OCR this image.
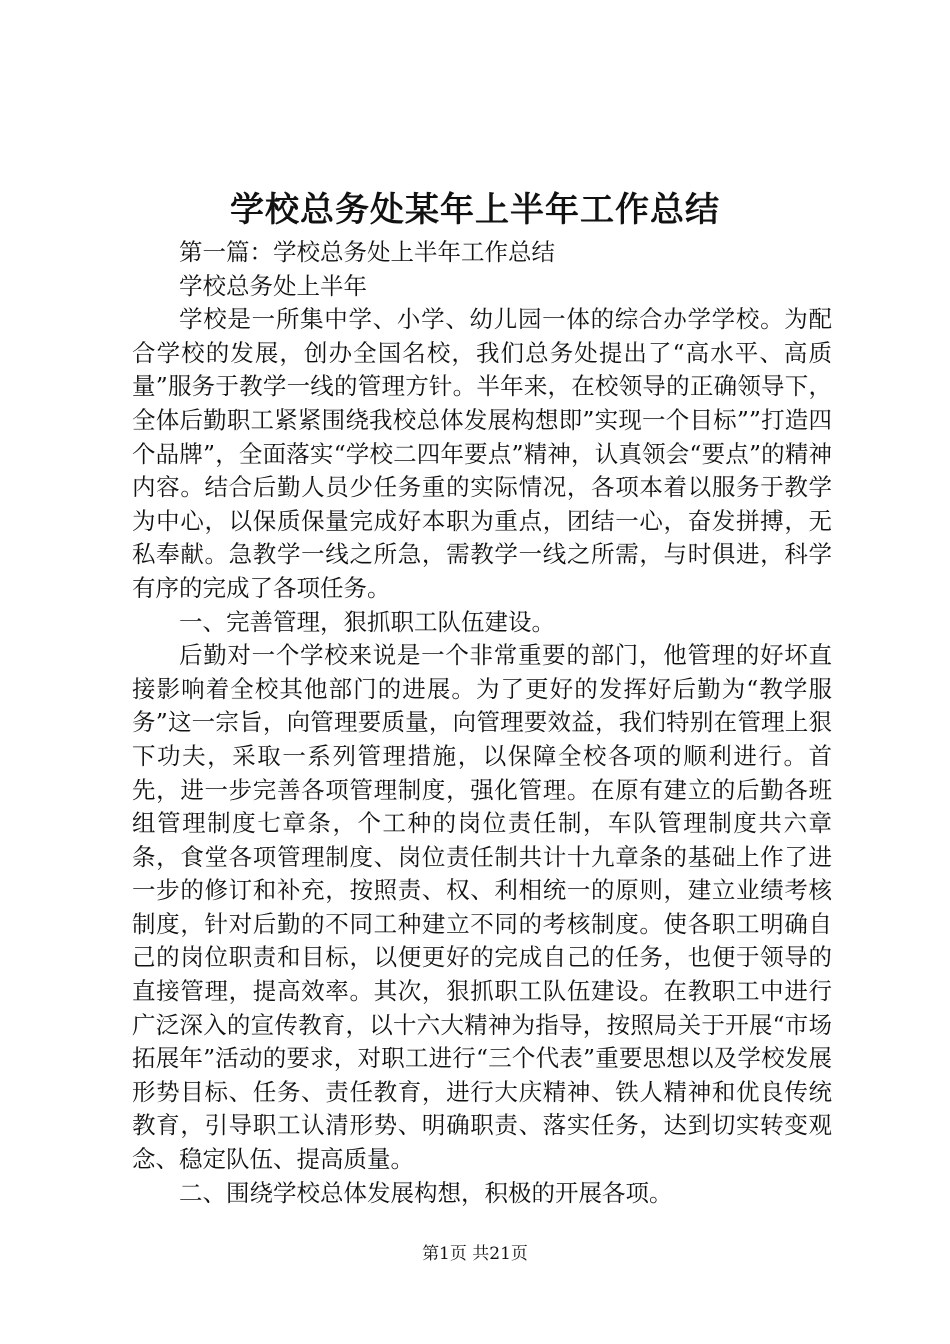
学校总务处某年上半年工作总结

第一篇：学校总务处上半年工作总结

学校总务处上半年

学校是一所集中学、小学、幼儿园一体的综合办学学校。为配合学校的发展，创办全国名校，我们总务处提出了“高水平、高质量”服务于教学一线的管理方针。半年来，在校领导的正确领导下，全体后勤职工紧紧围绕我校总体发展构想即”实现一个目标””打造四个品牌”，全面落实“学校二四年要点”精神，认真领会“要点”的精神内容。结合后勤人员少任务重的实际情况，各项本着以服务于教学为中心，以保质保量完成好本职为重点，团结一心，奋发拼搏，无私奉献。急教学一线之所急，需教学一线之所需，与时俱进，科学有序的完成了各项任务。

一、完善管理，狠抓职工队伍建设。

后勤对一个学校来说是一个非常重要的部门，他管理的好坏直接影响着全校其他部门的进展。为了更好的发挥好后勤为“教学服务”这一宗旨，向管理要质量，向管理要效益，我们特别在管理上狠下功夫，采取一系列管理措施，以保障全校各项的顺利进行。首先，进一步完善各项管理制度，强化管理。在原有建立的后勤各班组管理制度七章条，个工种的岗位责任制，车队管理制度共六章条，食堂各项管理制度、岗位责任制共计十九章条的基础上作了进一步的修订和补充，按照责、权、利相统一的原则，建立业绩考核制度，针对后勤的不同工种建立不同的考核制度。使各职工明确自己的岗位职责和目标，以便更好的完成自己的任务，也便于领导的直接管理，提高效率。其次，狠抓职工队伍建设。在教职工中进行广泛深入的宣传教育，以十六大精神为指导，按照局关于开展“市场拓展年”活动的要求，对职工进行“三个代表”重要思想以及学校发展形势目标、任务、责任教育，进行大庆精神、铁人精神和优良传统教育，引导职工认清形势、明确职责、落实任务，达到切实转变观念、稳定队伍、提高质量。

二、围绕学校总体发展构想，积极的开展各项。

第1页 共21页
